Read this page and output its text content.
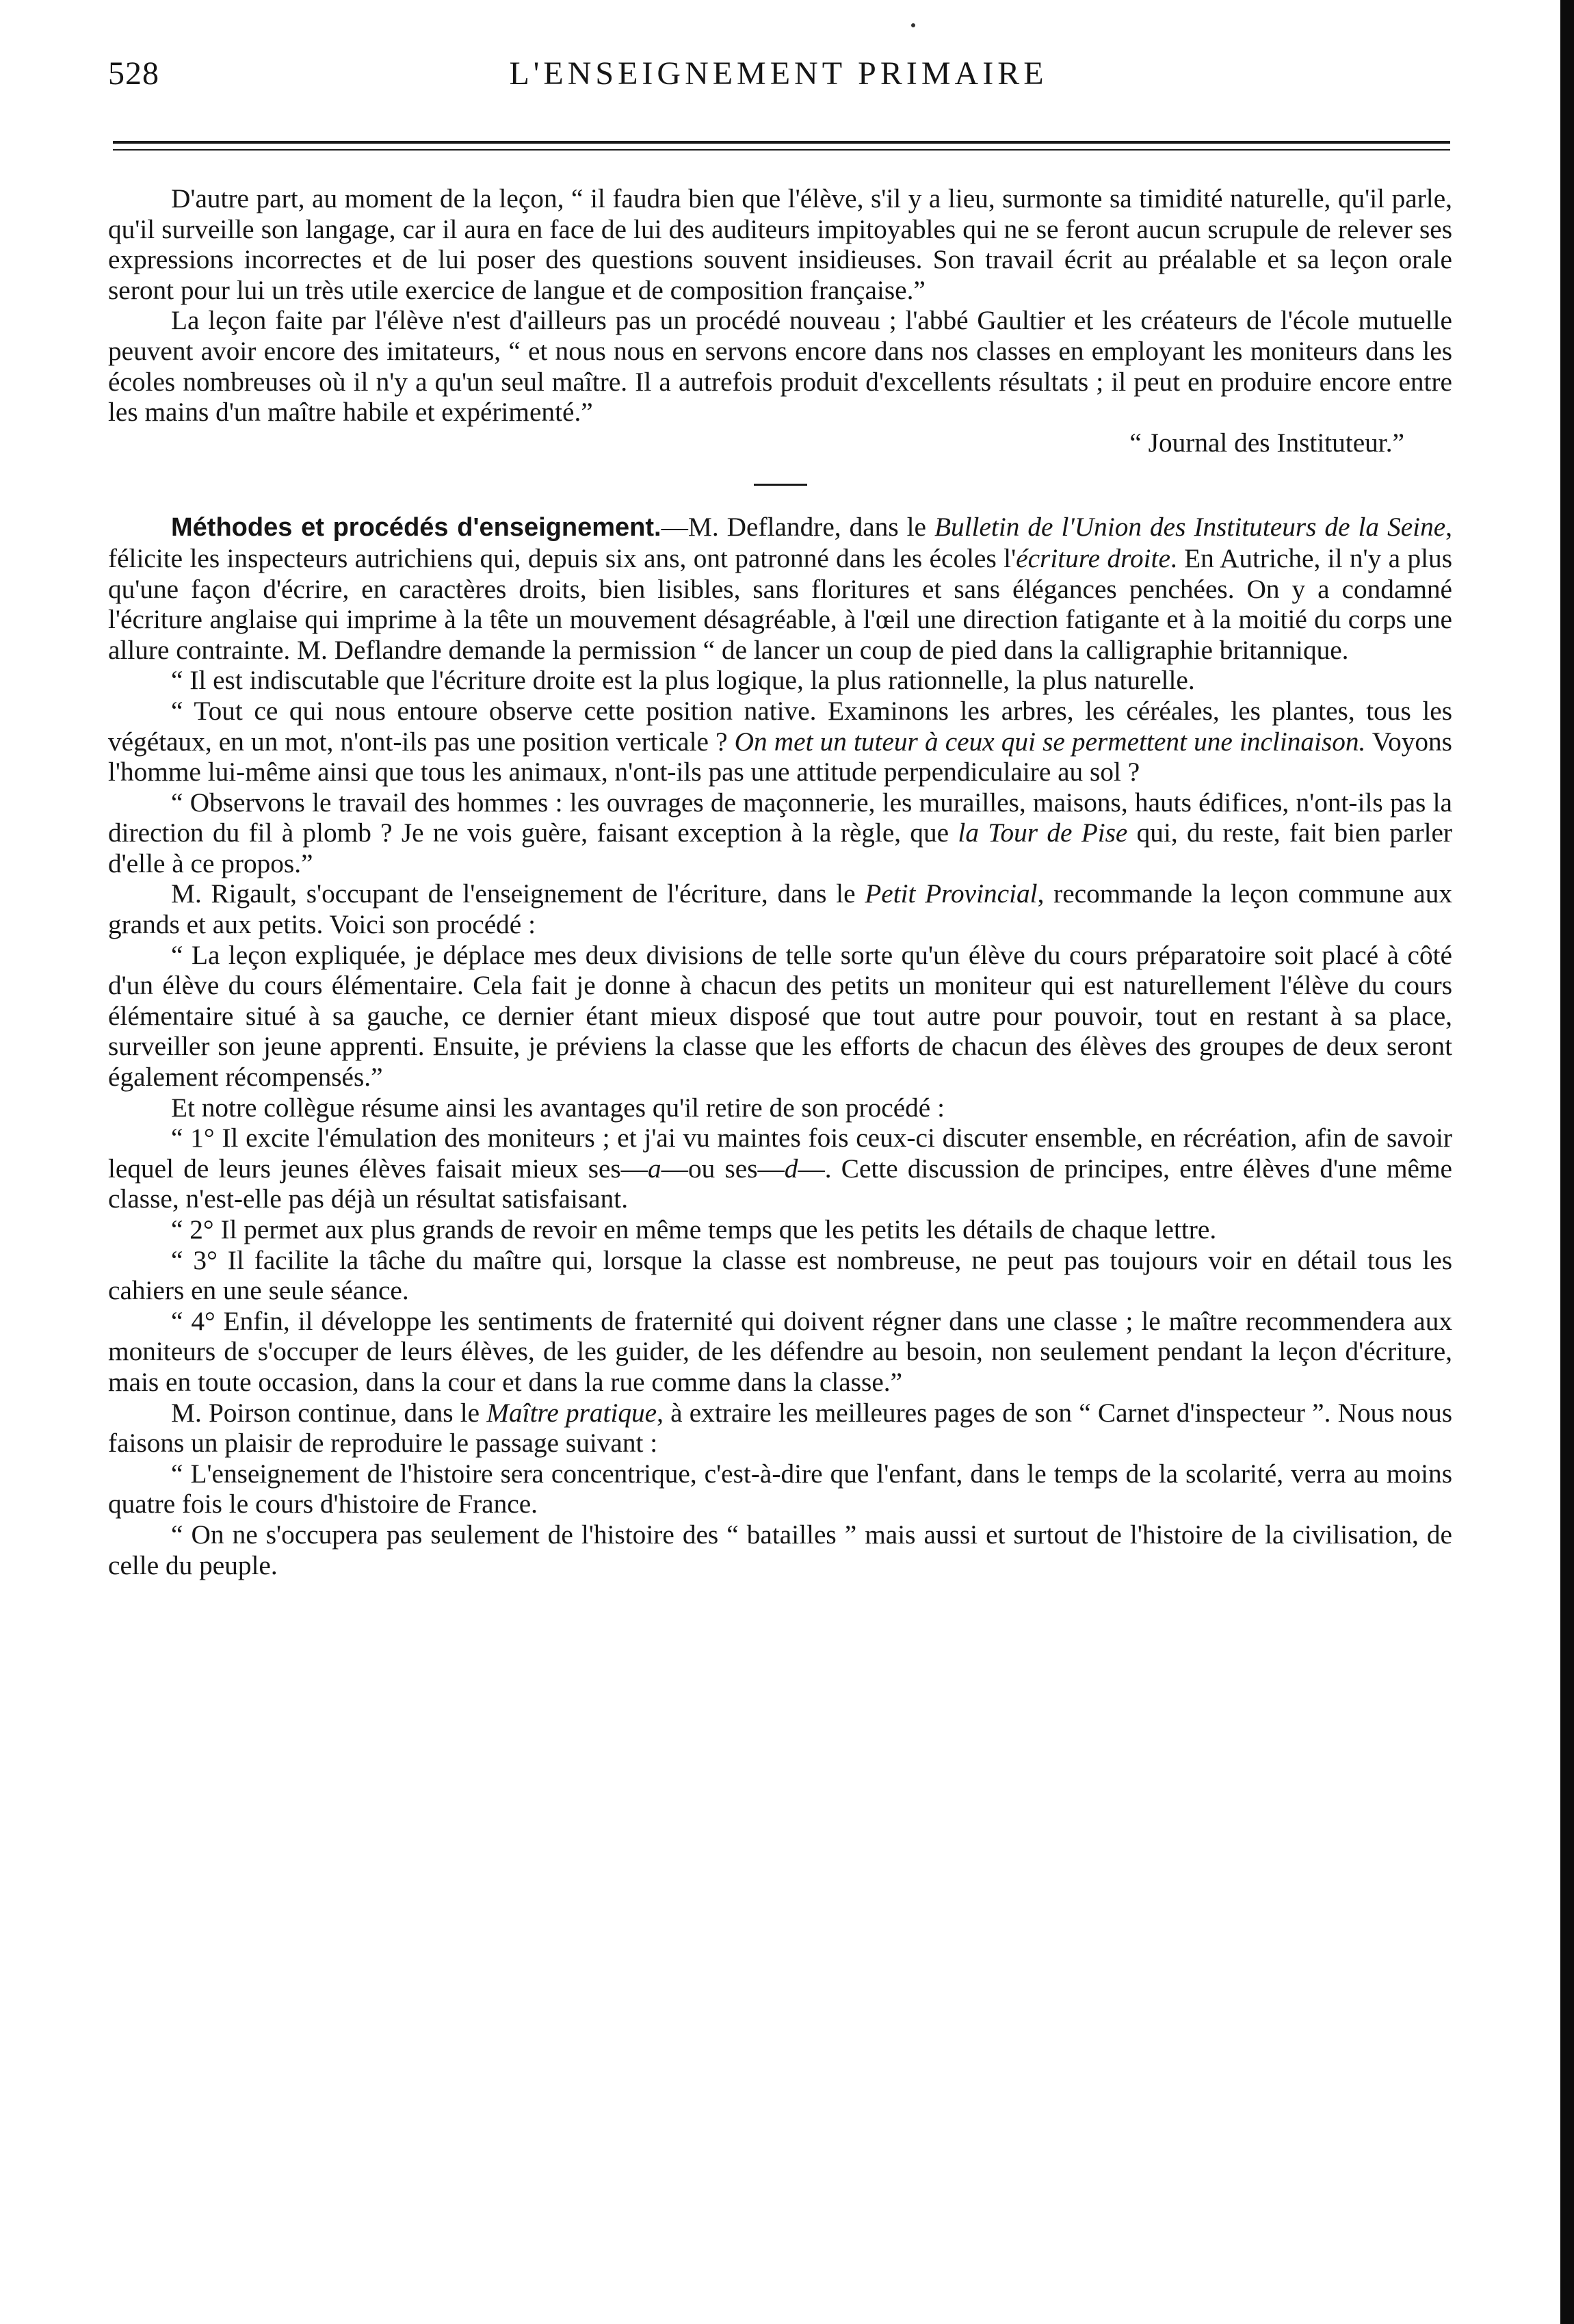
528	L'ENSEIGNEMENT PRIMAIRE

D'autre part, au moment de la leçon, “ il faudra bien que l'élève, s'il y a lieu, surmonte sa timidité naturelle, qu'il parle, qu'il surveille son langage, car il aura en face de lui des auditeurs impitoyables qui ne se feront aucun scrupule de relever ses expressions incorrectes et de lui poser des questions souvent insidieuses. Son travail écrit au préalable et sa leçon orale seront pour lui un très utile exercice de langue et de composition française.”

La leçon faite par l'élève n'est d'ailleurs pas un procédé nouveau ; l'abbé Gaultier et les créateurs de l'école mutuelle peuvent avoir encore des imitateurs, “ et nous nous en servons encore dans nos classes en employant les moniteurs dans les écoles nombreuses où il n'y a qu'un seul maître. Il a autrefois produit d'excellents résultats ; il peut en produire encore entre les mains d'un maître habile et expérimenté.”

“ Journal des Instituteur.”

Méthodes et procédés d'enseignement.—M. Deflandre, dans le Bulletin de l'Union des Instituteurs de la Seine, félicite les inspecteurs autrichiens qui, depuis six ans, ont patronné dans les écoles l'écriture droite. En Autriche, il n'y a plus qu'une façon d'écrire, en caractères droits, bien lisibles, sans floritures et sans élégances penchées. On y a condamné l'écriture anglaise qui imprime à la tête un mouvement désagréable, à l'œil une direction fatigante et à la moitié du corps une allure contrainte. M. Deflandre demande la permission “ de lancer un coup de pied dans la calligraphie britannique.

“ Il est indiscutable que l'écriture droite est la plus logique, la plus rationnelle, la plus naturelle.

“ Tout ce qui nous entoure observe cette position native. Examinons les arbres, les céréales, les plantes, tous les végétaux, en un mot, n'ont-ils pas une position verticale ? On met un tuteur à ceux qui se permettent une inclinaison. Voyons l'homme lui-même ainsi que tous les animaux, n'ont-ils pas une attitude perpendiculaire au sol ?

“ Observons le travail des hommes : les ouvrages de maçonnerie, les murailles, maisons, hauts édifices, n'ont-ils pas la direction du fil à plomb ? Je ne vois guère, faisant exception à la règle, que la Tour de Pise qui, du reste, fait bien parler d'elle à ce propos.”

M. Rigault, s'occupant de l'enseignement de l'écriture, dans le Petit Provincial, recommande la leçon commune aux grands et aux petits. Voici son procédé :

“ La leçon expliquée, je déplace mes deux divisions de telle sorte qu'un élève du cours préparatoire soit placé à côté d'un élève du cours élémentaire. Cela fait je donne à chacun des petits un moniteur qui est naturellement l'élève du cours élémentaire situé à sa gauche, ce dernier étant mieux disposé que tout autre pour pouvoir, tout en restant à sa place, surveiller son jeune apprenti. Ensuite, je préviens la classe que les efforts de chacun des élèves des groupes de deux seront également récompensés.”

Et notre collègue résume ainsi les avantages qu'il retire de son procédé :

“ 1° Il excite l'émulation des moniteurs ; et j'ai vu maintes fois ceux-ci discuter ensemble, en récréation, afin de savoir lequel de leurs jeunes élèves faisait mieux ses—a—ou ses—d—. Cette discussion de principes, entre élèves d'une même classe, n'est-elle pas déjà un résultat satisfaisant.

“ 2° Il permet aux plus grands de revoir en même temps que les petits les détails de chaque lettre.

“ 3° Il facilite la tâche du maître qui, lorsque la classe est nombreuse, ne peut pas toujours voir en détail tous les cahiers en une seule séance.

“ 4° Enfin, il développe les sentiments de fraternité qui doivent régner dans une classe ; le maître recommendera aux moniteurs de s'occuper de leurs élèves, de les guider, de les défendre au besoin, non seulement pendant la leçon d'écriture, mais en toute occasion, dans la cour et dans la rue comme dans la classe.”

M. Poirson continue, dans le Maître pratique, à extraire les meilleures pages de son “ Carnet d'inspecteur ”. Nous nous faisons un plaisir de reproduire le passage suivant :

“ L'enseignement de l'histoire sera concentrique, c'est-à-dire que l'enfant, dans le temps de la scolarité, verra au moins quatre fois le cours d'histoire de France.

“ On ne s'occupera pas seulement de l'histoire des “ batailles ” mais aussi et surtout de l'histoire de la civilisation, de celle du peuple.
